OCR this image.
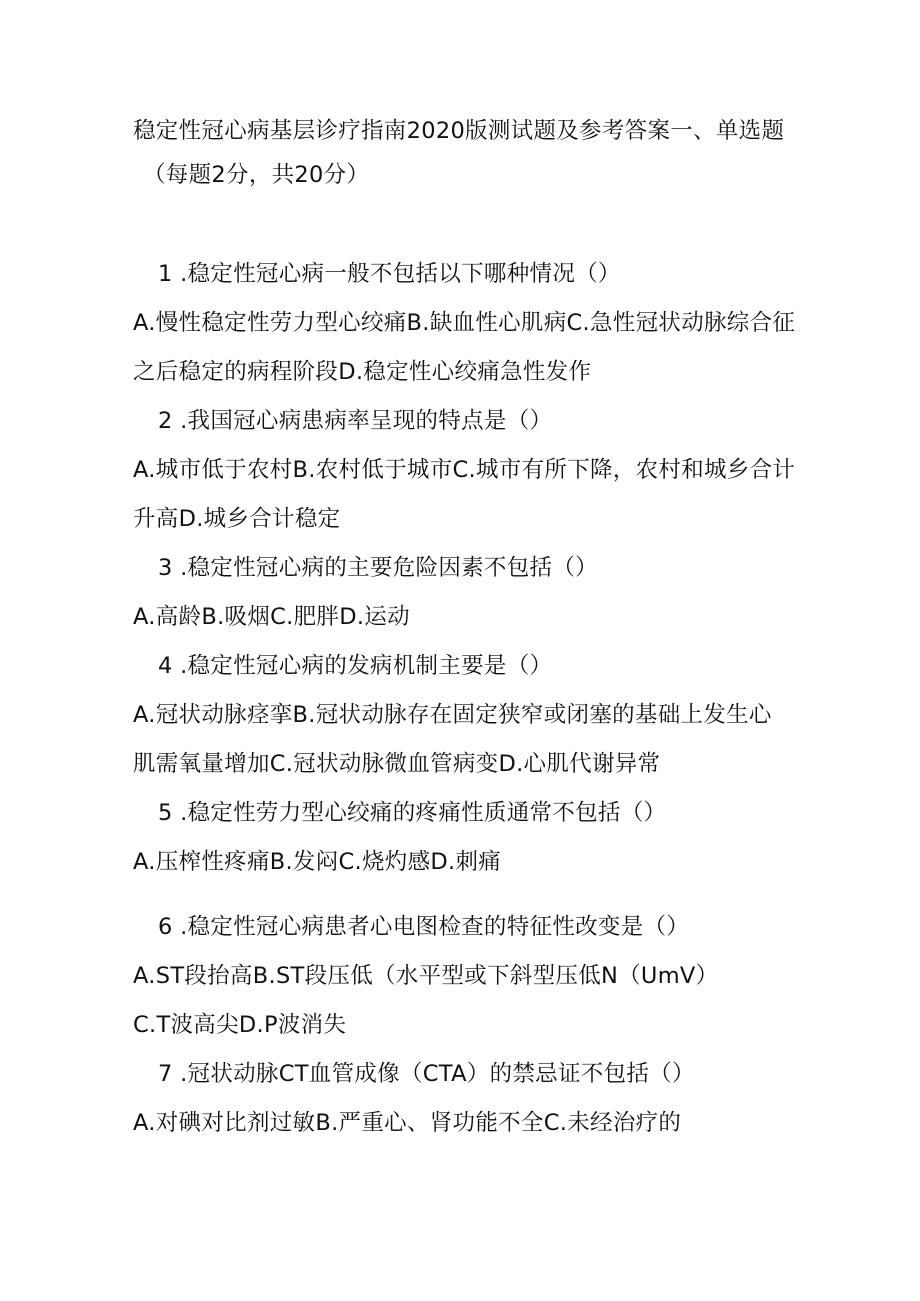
稳定性冠心病基层诊疗指南2020版测试题及参考答案一、单选题
（每题2分，共20分）
1 .稳定性冠心病一般不包括以下哪种情况（）
A.慢性稳定性劳力型心绞痛B.缺血性心肌病C.急性冠状动脉综合征
之后稳定的病程阶段D.稳定性心绞痛急性发作
2 .我国冠心病患病率呈现的特点是（）
A.城市低于农村B.农村低于城市C.城市有所下降，农村和城乡合计
升高D.城乡合计稳定
3 .稳定性冠心病的主要危险因素不包括（）
A.高龄B.吸烟C.肥胖D.运动
4 .稳定性冠心病的发病机制主要是（）
A.冠状动脉痉挛B.冠状动脉存在固定狭窄或闭塞的基础上发生心
肌需氧量增加C.冠状动脉微血管病变D.心肌代谢异常
5 .稳定性劳力型心绞痛的疼痛性质通常不包括（）
A.压榨性疼痛B.发闷C.烧灼感D.刺痛
6 .稳定性冠心病患者心电图检查的特征性改变是（）
A.ST段抬高B.ST段压低（水平型或下斜型压低N（UmV）
C.T波高尖D.P波消失
7 .冠状动脉CT血管成像（CTA）的禁忌证不包括（）
A.对碘对比剂过敏B.严重心、肾功能不全C.未经治疗的
